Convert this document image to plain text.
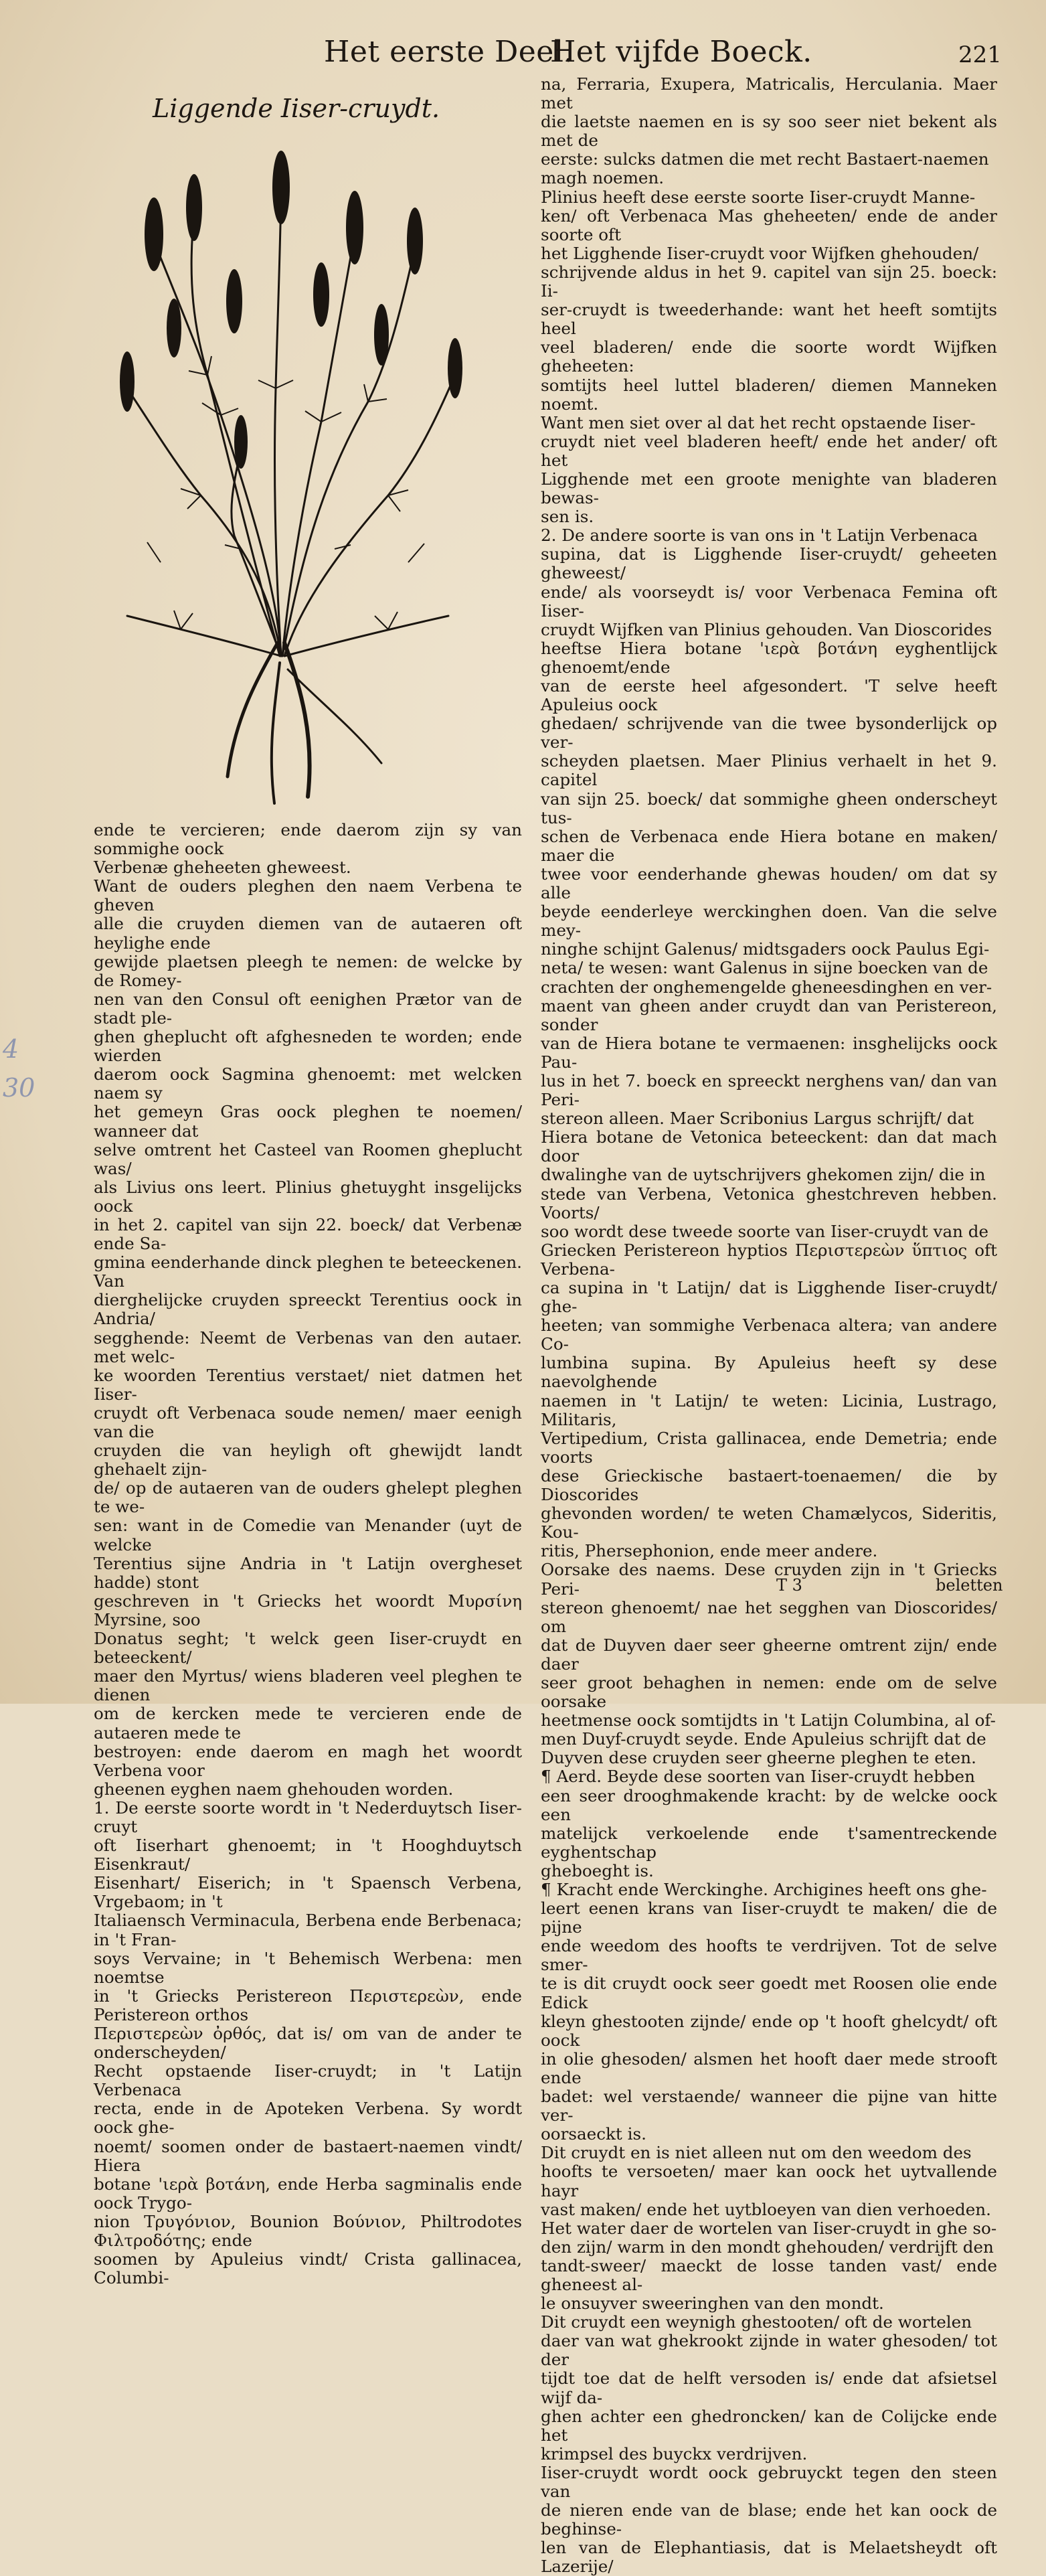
Het eerste Deel.
Het vijfde Boeck.	221
Liggende Iiser-cruydt.

na, Ferraria, Exupera, Matricalis, Herculania. Maer met
die laetste naemen en is sy soo seer niet bekent als met de
eerste: sulcks datmen die met recht Bastaert-naemen
magh noemen.

Plinius heeft dese eerste soorte Iiser-cruydt Manne-
ken/ oft Verbenaca Mas gheheeten/ ende de ander soorte oft
het Ligghende Iiser-cruydt voor Wijfken ghehouden/
schrijvende aldus in het 9. capitel van sijn 25. boeck: Ii-
ser-cruydt is tweederhande: want het heeft somtijts heel
veel bladeren/ ende die soorte wordt Wijfken gheheeten:
somtijts heel luttel bladeren/ diemen Manneken noemt.
Want men siet over al dat het recht opstaende Iiser-
cruydt niet veel bladeren heeft/ ende het ander/ oft het
Ligghende met een groote menighte van bladeren bewas-
sen is.

2. De andere soorte is van ons in 't Latijn Verbenaca
supina, dat is Ligghende Iiser-cruydt/ geheeten ghewеest/
ende/ als voorseydt is/ voor Verbenaca Femina oft Iiser-
cruydt Wijfken van Plinius gehouden. Van Dioscorides
heeftse Hiera botane 'ιερὰ βοτάνη eyghentlijck ghenoemt/ende
van de eerste heel afgesondert. 'T selve heeft Apuleius oock
ghedaen/ schrijvende van die twee bysonderlijck op ver-
scheyden plaetsen. Maer Plinius verhaelt in het 9. capitel
van sijn 25. boeck/ dat sommighe gheen onderscheyt tus-
schen de Verbenaca ende Hiera botane en maken/ maer die
twee voor eenderhande ghewas houden/ om dat sy alle
beyde eenderleye werckinghen doen. Van die selve mey-
ninghe schijnt Galenus/ midtsgaders oock Paulus Egi-
neta/ te wesen: want Galenus in sijne boecken van de
crachten der onghemengelde gheneesdinghen en ver-
maent van gheen ander cruydt dan van Peristereon, sonder
van de Hiera botane te vermaenen: insghelijcks oock Pau-
lus in het 7. boeck en spreeckt nerghens van/ dan van Peri-
stereon alleen. Maer Scribonius Largus schrijft/ dat
Hiera botane de Vetonica beteeckent: dan dat mach door
dwalinghe van de uytschrijvers ghekomen zijn/ die in
stede van Verbena, Vetonica ghestchreven hebben. Voorts/
soo wordt dese tweede soorte van Iiser-cruydt van de
Griecken Peristereon hyptios Περιστερεὼν ὕπτιος oft Verbena-
ca supina in 't Latijn/ dat is Ligghende Iiser-cruydt/ ghe-
heeten; van sommighe Verbenaca altera; van andere Co-
lumbina supina. By Apuleius heeft sy dese naevolghende
naemen in 't Latijn/ te weten: Licinia, Lustrago, Militaris,
Vertipedium, Crista gallinacea, ende Demetria; ende voorts
dese Grieckische bastaert-toenaemen/ die by Dioscorides
ghevonden worden/ te weten Chamælycos, Sideritis, Kou-
ritis, Phersephonion, ende meer andere.

Oorsake des naems. Dese cruyden zijn in 't Griecks Peri-
stereon ghenoemt/ nae het segghen van Dioscorides/ om
dat de Duyven daer seer gheerne omtrent zijn/ ende daer
seer groot behaghen in nemen: ende om de selve oorsake
heetmense oock somtijdts in 't Latijn Columbina, al of-
men Duyf-cruydt seyde. Ende Apuleius schrijft dat de
Duyven dese cruyden seer gheerne pleghen te eten.

¶ Aerd. Beyde dese soorten van Iiser-cruydt hebben
een seer drooghmakende kracht: by de welcke oock een
matelijck verkoelende ende t'samentreckende eyghentschap
gheboeght is.

¶ Kracht ende Werckinghe. Archigines heeft ons ghe-
leert eenen krans van Iiser-cruydt te maken/ die de pijne
ende weedom des hoofts te verdrijven. Tot de selve smer-
te is dit cruydt oock seer goedt met Roosen olie ende Edick
kleyn ghestooten zijnde/ ende op 't hooft ghelcydt/ oft oock
in olie ghesoden/ alsmen het hooft daer mede strooft ende
badet: wel verstaende/ wanneer die pijne van hitte ver-
oorsaeckt is.

Dit cruydt en is niet alleen nut om den weedom des
hoofts te versoeten/ maer kan oock het uytvallende hayr
vast maken/ ende het uytbloeyen van dien verhoeden.

Het water daer de wortelen van Iiser-cruydt in ghe so-
den zijn/ warm in den mondt ghehouden/ verdrijft den
tandt-sweer/ maeckt de losse tanden vast/ ende gheneest al-
le onsuyver sweeringhen van den mondt.

Dit cruydt een weynigh ghestooten/ oft de wortelen
daer van wat ghekrookt zijnde in water ghesoden/ tot der
tijdt toe dat de helft versoden is/ ende dat afsietsel wijf da-
ghen achter een ghedroncken/ kan de Colijcke ende het
krimpsel des buyckx verdrijven.

Iiser-cruydt wordt oock gebruyckt tegen den steen van
de nieren ende van de blase; ende het kan oock de beghinse-
len van de Elephantiasis, dat is Melaetsheydt oft Lazerije/

ende te vercieren; ende daerom zijn sy van sommighe oock
Verbenæ gheheeten gheweest.

Want de ouders pleghen den naem Verbena te gheven
alle die cruyden diemen van de autaeren oft heylighe ende
gewijde plaetsen pleegh te nemen: de welcke by de Romey-
nen van den Consul oft eenighen Prætor van de stadt ple-
ghen gheplucht oft afghesneden te worden; ende wierden
daerom oock Sagmina ghenoemt: met welcken naem sy
het gemeyn Gras oock pleghen te noemen/ wanneer dat
selve omtrent het Casteel van Roomen gheplucht was/
als Livius ons leert. Plinius ghetuyght insgelijcks oock
in het 2. capitel van sijn 22. boeck/ dat Verbenæ ende Sa-
gmina eenderhande dinck pleghen te beteeckenen. Van
dierghelijcke cruyden spreeckt Terentius oock in Andria/
segghende: Neemt de Verbenas van den autaer. met welc-
ke woorden Terentius verstaet/ niet datmen het Iiser-
cruydt oft Verbenaca soude nemen/ maer eenigh van die
cruyden die van heyligh oft ghewijdt landt ghehaelt zijn-
de/ op de autaeren van de ouders ghelept pleghen te we-
sen: want in de Comedie van Menander (uyt de welcke
Terentius sijne Andria in 't Latijn overgheset hadde) stont
geschreven in 't Griecks het woordt Μυρσίνη Myrsine, soo
Donatus seght; 't welck geen Iiser-cruydt en beteeckent/
maer den Myrtus/ wiens bladeren veel pleghen te dienen
om de kercken mede te vercieren ende de autaeren mede te
bestroyen: ende daerom en magh het woordt Verbena voor
gheenen eyghen naem ghehouden worden.

1. De eerste soorte wordt in 't Nederduytsch Iiser-cruyt
oft Iiserhart ghenoemt; in 't Hooghduytsch Eisenkraut/
Eisenhart/ Eiserich; in 't Spaensch Verbena, Vrgebaom; in 't
Italiaensch Verminacula, Berbena ende Berbenaca; in 't Fran-
soys Vervaine; in 't Behemisch Werbena: men noemtse
in 't Griecks Peristereon Περιστερεὼν, ende Peristereon orthos
Περιστερεὼν ὀρθός, dat is/ om van de ander te onderscheyden/
Recht opstaende Iiser-cruydt; in 't Latijn Verbenaca
recta, ende in de Apoteken Verbena. Sy wordt oock ghe-
noemt/ soomen onder de bastaert-naemen vindt/ Hiera
botane 'ιερὰ βοτάνη, ende Herba sagminalis ende oock Trygo-
nion Τρυγόνιον, Bounion Βούνιον, Philtrodotes Φιλτροδότης; ende
soomen by Apuleius vindt/ Crista gallinacea, Columbi-

T 3	beletten
4
30
